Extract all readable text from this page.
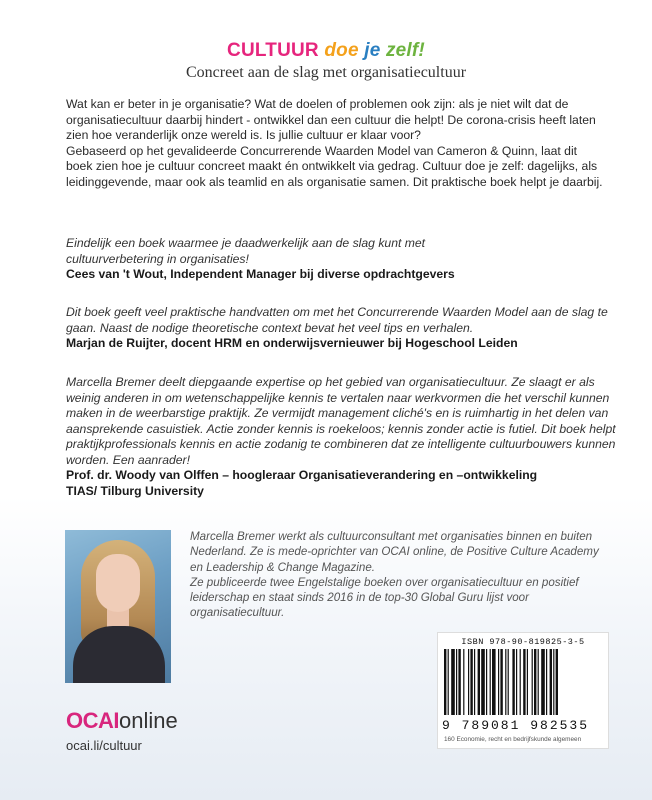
CULTUUR doe je zelf!
Concreet aan de slag met organisatiecultuur

Wat kan er beter in je organisatie? Wat de doelen of problemen ook zijn: als je niet wilt dat de organisatiecultuur daarbij hindert - ontwikkel dan een cultuur die helpt! De corona-crisis heeft laten zien hoe veranderlijk onze wereld is. Is jullie cultuur er klaar voor?

Gebaseerd op het gevalideerde Concurrerende Waarden Model van Cameron & Quinn, laat dit boek zien hoe je cultuur concreet maakt én ontwikkelt via gedrag. Cultuur doe je zelf: dagelijks, als leidinggevende, maar ook als teamlid en als organisatie samen. Dit praktische boek helpt je daarbij.

Eindelijk een boek waarmee je daadwerkelijk aan de slag kunt met cultuurverbetering in organisaties!
Cees van 't Wout, Independent Manager bij diverse opdrachtgevers
Dit boek geeft veel praktische handvatten om met het Concurrerende Waarden Model aan de slag te gaan. Naast de nodige theoretische context bevat het veel tips en verhalen.
Marjan de Ruijter, docent HRM en onderwijsvernieuwer bij Hogeschool Leiden
Marcella Bremer deelt diepgaande expertise op het gebied van organisatiecultuur. Ze slaagt er als weinig anderen in om wetenschappelijke kennis te vertalen naar werkvormen die het verschil kunnen maken in de weerbarstige praktijk. Ze vermijdt management cliché's en is ruimhartig in het delen van aansprekende casuistiek. Actie zonder kennis is roekeloos; kennis zonder actie is futiel. Dit boek helpt praktijkprofessionals kennis en actie zodanig te combineren dat ze intelligente cultuurbouwers kunnen worden. Een aanrader!
Prof. dr. Woody van Olffen – hoogleraar Organisatieverandering en –ontwikkeling
TIAS/ Tilburg University

Marcella Bremer werkt als cultuurconsultant met organisaties binnen en buiten Nederland. Ze is mede-oprichter van OCAI online, de Positive Culture Academy en Leadership & Change Magazine.

Ze publiceerde twee Engelstalige boeken over organisatiecultuur en positief leiderschap en staat sinds 2016 in de top-30 Global Guru lijst voor organisatiecultuur.

ISBN 978-90-819825-3-5
9 789081 982535
160 Economie, recht en bedrijfskunde algemeen
OCAIonline
ocai.li/cultuur
